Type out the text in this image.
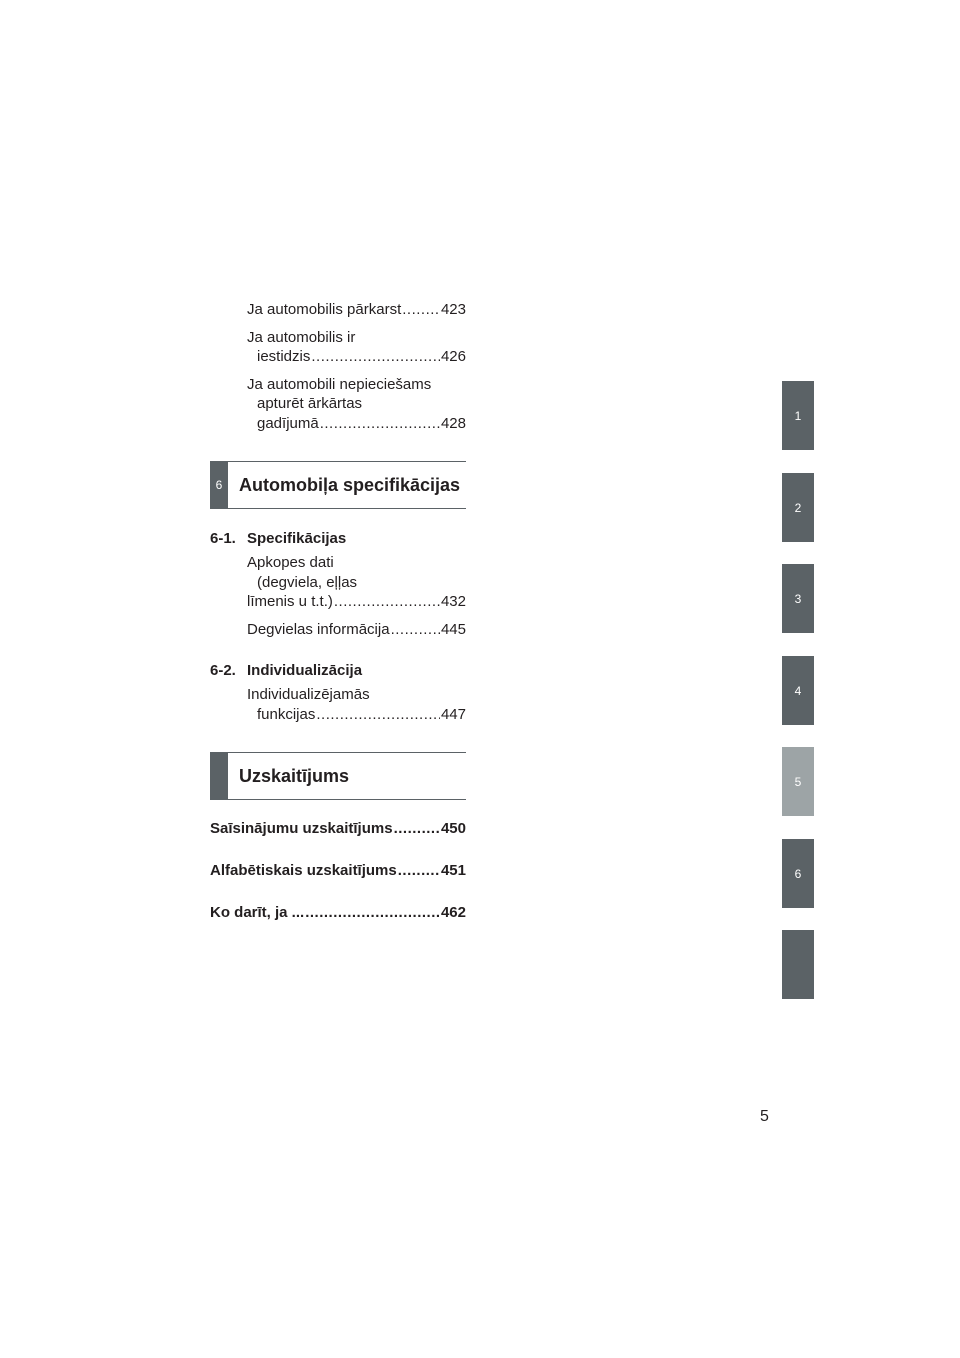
Ja automobilis pārkarst .....	423
Ja automobilis ir
iestidzis .....	426
Ja automobili nepieciešams
apturēt ārkārtas
gadījumā .....	428
6 Automobiļa specifikācijas
6-1. Specifikācijas
Apkopes dati
(degviela, eļļas
līmenis u t.t.) .....	432
Degvielas informācija .....	445
6-2. Individualizācija
Individualizējamās
funkcijas .....	447
Uzskaitījums
Saīsinājumu uzskaitījums .....	450
Alfabētiskais uzskaitījums .....	451
Ko darīt, ja ... .....	462
1
2
3
4
5
6
5
